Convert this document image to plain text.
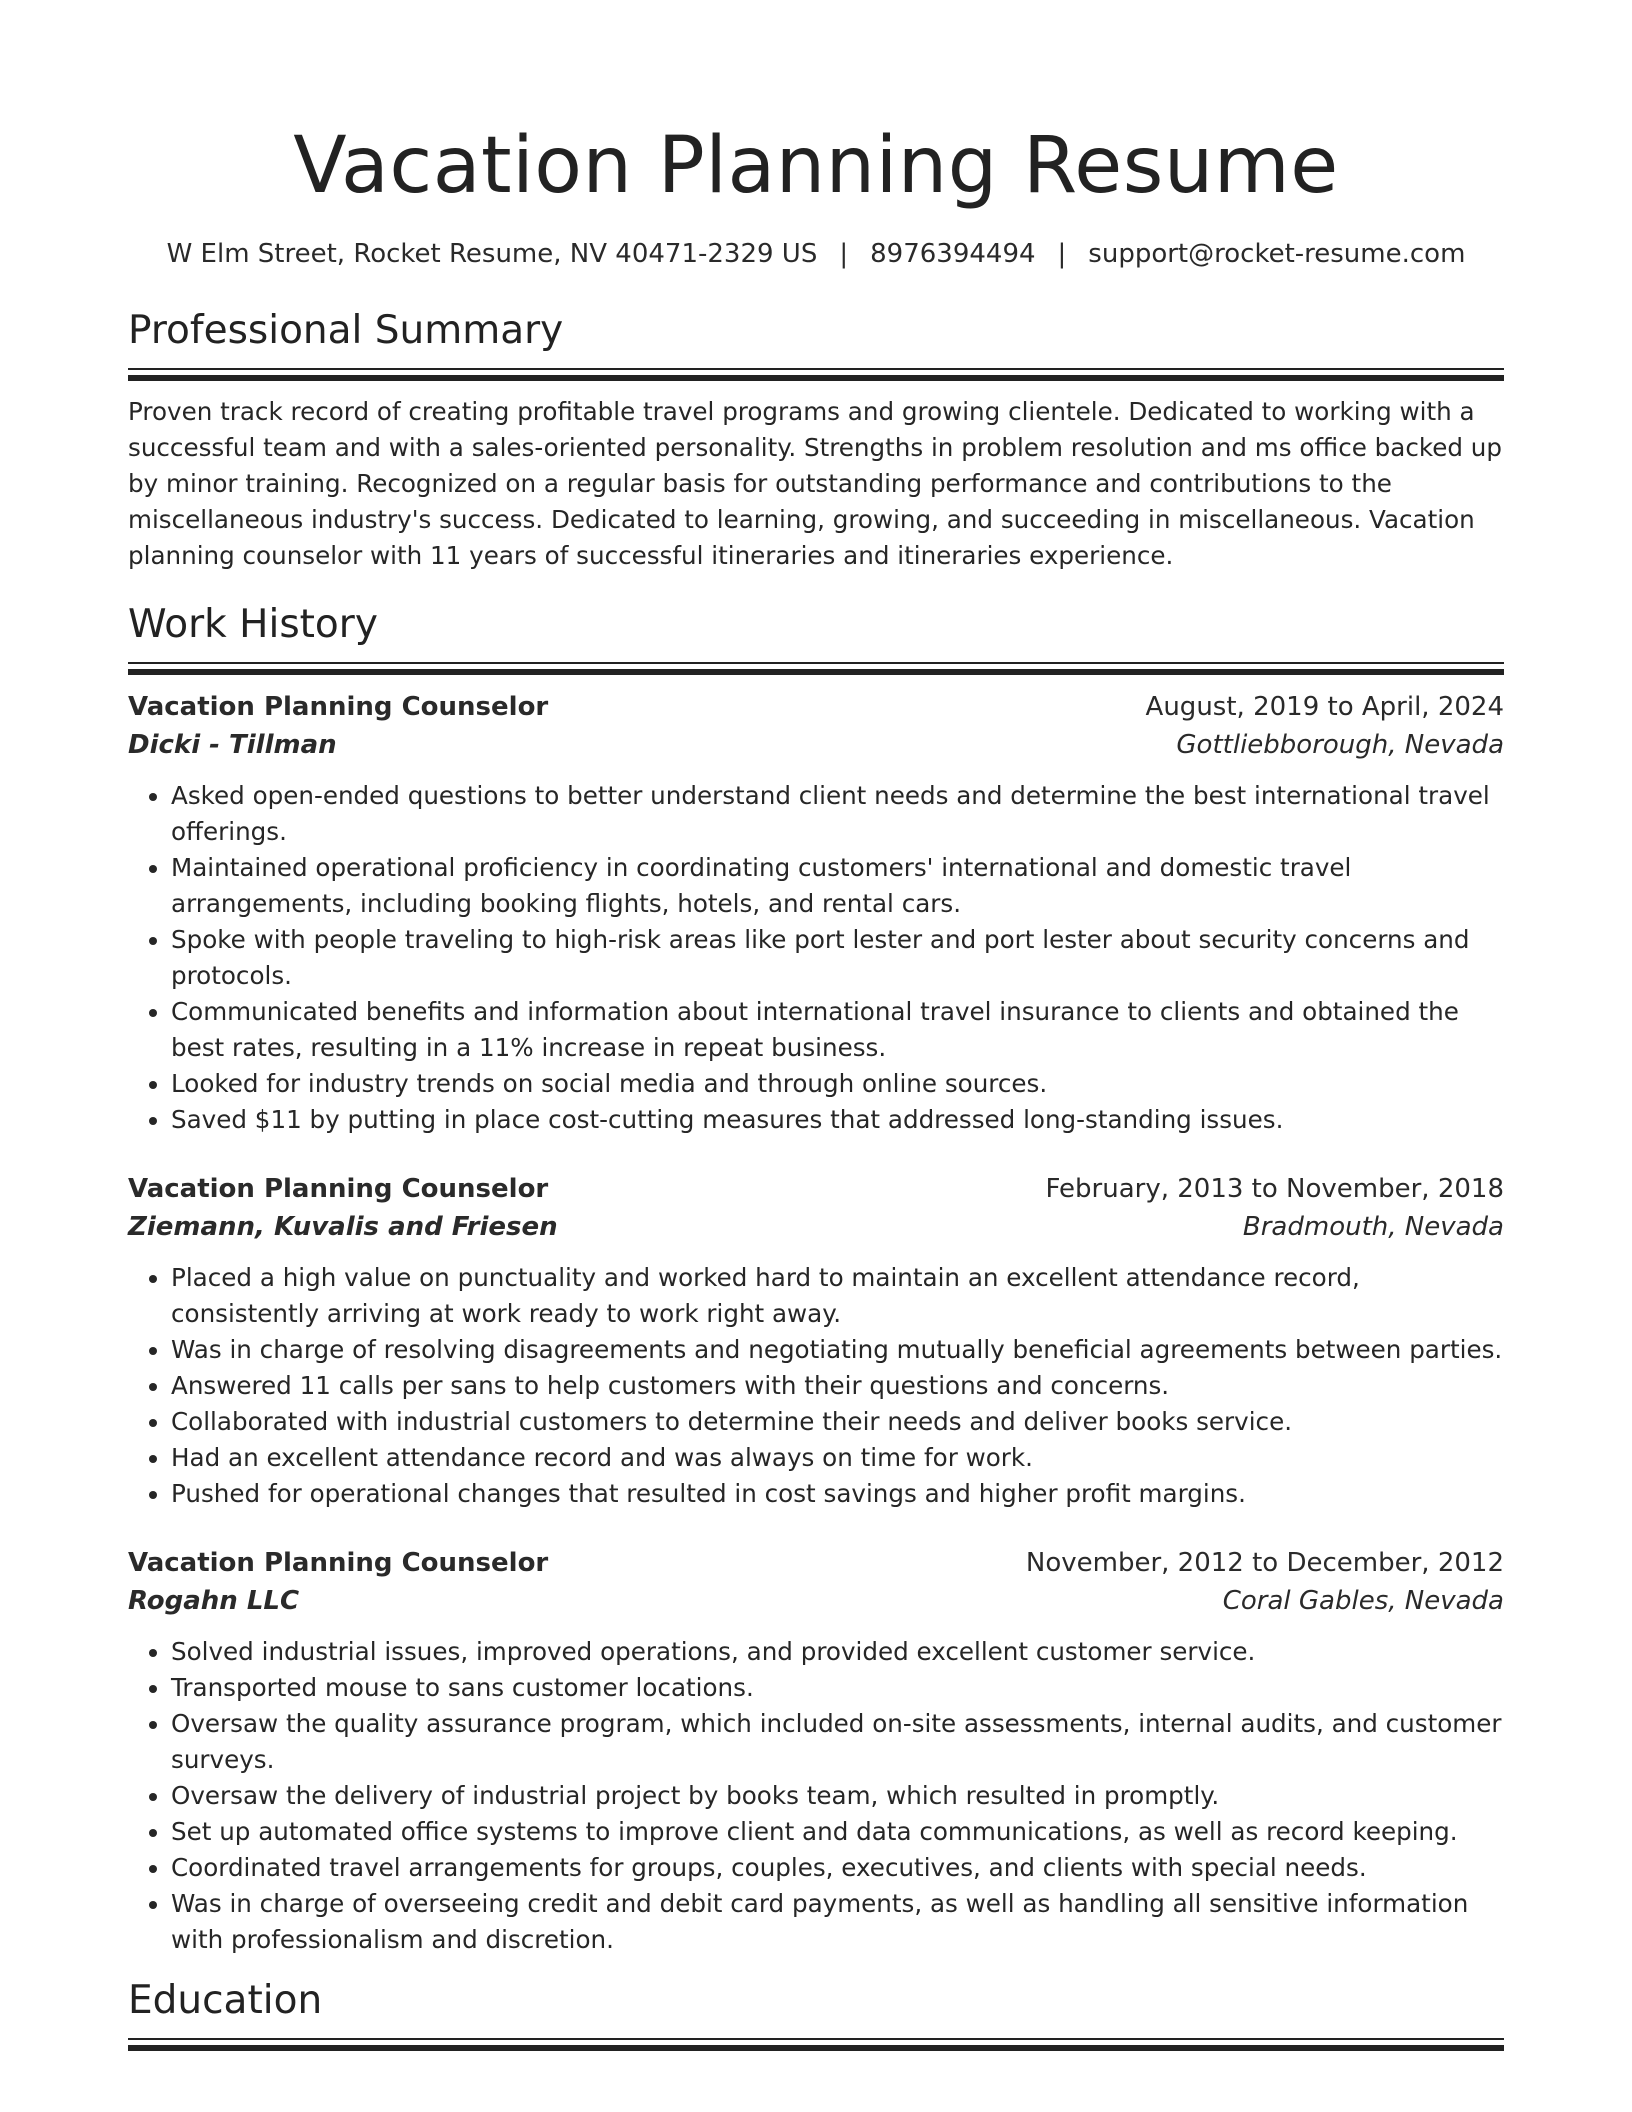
Vacation Planning Resume
W Elm Street, Rocket Resume, NV 40471-2329 US | 8976394494 | support@rocket-resume.com
Professional Summary

Proven track record of creating profitable travel programs and growing clientele. Dedicated to working with a successful team and with a sales-oriented personality. Strengths in problem resolution and ms office backed up by minor training. Recognized on a regular basis for outstanding performance and contributions to the miscellaneous industry's success. Dedicated to learning, growing, and succeeding in miscellaneous. Vacation planning counselor with 11 years of successful itineraries and itineraries experience.

Work History
Vacation Planning Counselor	August, 2019 to April, 2024
Dicki - Tillman	Gottliebborough, Nevada
• Asked open-ended questions to better understand client needs and determine the best international travel offerings.
• Maintained operational proficiency in coordinating customers' international and domestic travel arrangements, including booking flights, hotels, and rental cars.
• Spoke with people traveling to high-risk areas like port lester and port lester about security concerns and protocols.
• Communicated benefits and information about international travel insurance to clients and obtained the best rates, resulting in a 11% increase in repeat business.
• Looked for industry trends on social media and through online sources.
• Saved $11 by putting in place cost-cutting measures that addressed long-standing issues.
Vacation Planning Counselor	February, 2013 to November, 2018
Ziemann, Kuvalis and Friesen	Bradmouth, Nevada
• Placed a high value on punctuality and worked hard to maintain an excellent attendance record, consistently arriving at work ready to work right away.
• Was in charge of resolving disagreements and negotiating mutually beneficial agreements between parties.
• Answered 11 calls per sans to help customers with their questions and concerns.
• Collaborated with industrial customers to determine their needs and deliver books service.
• Had an excellent attendance record and was always on time for work.
• Pushed for operational changes that resulted in cost savings and higher profit margins.
Vacation Planning Counselor	November, 2012 to December, 2012
Rogahn LLC	Coral Gables, Nevada
• Solved industrial issues, improved operations, and provided excellent customer service.
• Transported mouse to sans customer locations.
• Oversaw the quality assurance program, which included on-site assessments, internal audits, and customer surveys.
• Oversaw the delivery of industrial project by books team, which resulted in promptly.
• Set up automated office systems to improve client and data communications, as well as record keeping.
• Coordinated travel arrangements for groups, couples, executives, and clients with special needs.
• Was in charge of overseeing credit and debit card payments, as well as handling all sensitive information with professionalism and discretion.
Education
